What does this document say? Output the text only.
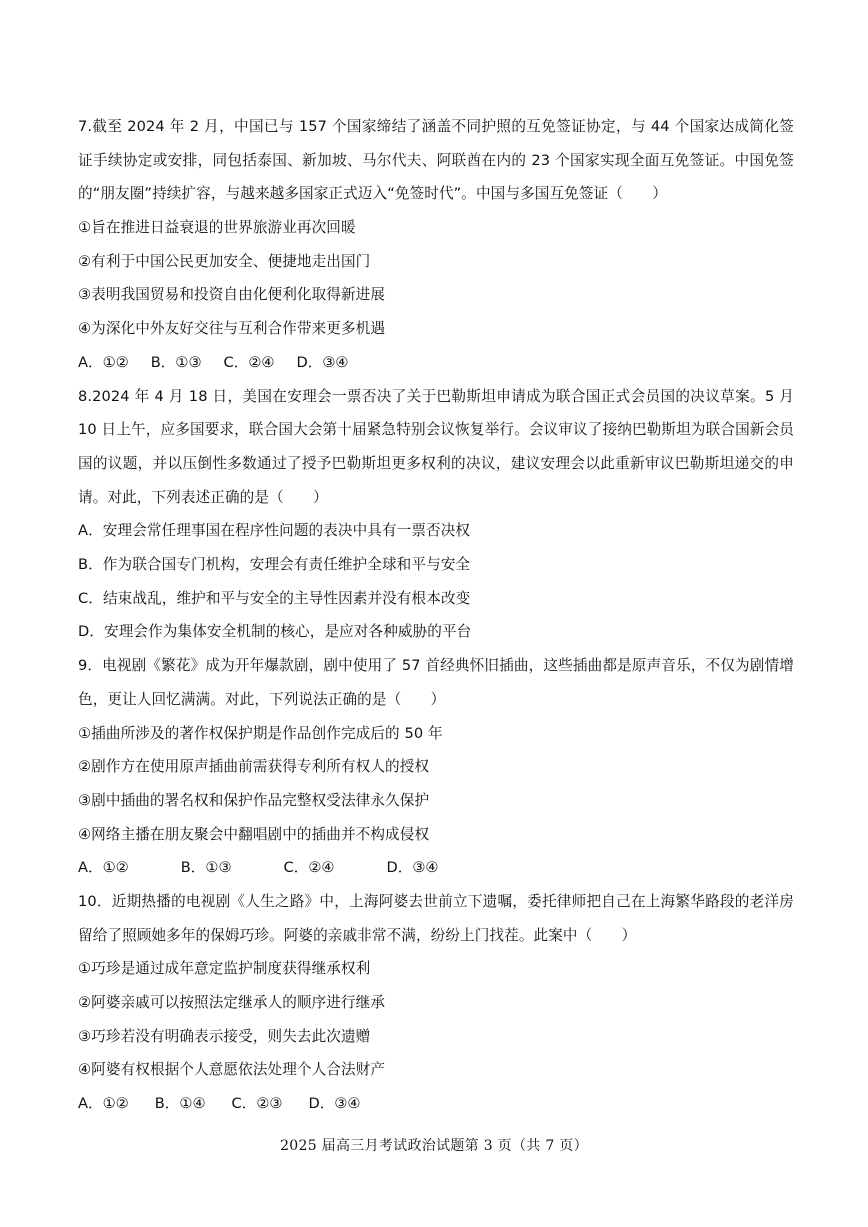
7.截至 2024 年 2 月，中国已与 157 个国家缔结了涵盖不同护照的互免签证协定，与 44 个国家达成简化签证手续协定或安排，同包括泰国、新加坡、马尔代夫、阿联酋在内的 23 个国家实现全面互免签证。中国免签的“朋友圈”持续扩容，与越来越多国家正式迈入“免签时代”。中国与多国互免签证（　　）
①旨在推进日益衰退的世界旅游业再次回暖
②有利于中国公民更加安全、便捷地走出国门
③表明我国贸易和投资自由化便利化取得新进展
④为深化中外友好交往与互利合作带来更多机遇
A．①② B．①③ C．②④ D．③④
8.2024 年 4 月 18 日，美国在安理会一票否决了关于巴勒斯坦申请成为联合国正式会员国的决议草案。5 月 10 日上午，应多国要求，联合国大会第十届紧急特别会议恢复举行。会议审议了接纳巴勒斯坦为联合国新会员国的议题，并以压倒性多数通过了授予巴勒斯坦更多权利的决议，建议安理会以此重新审议巴勒斯坦递交的申请。对此，下列表述正确的是（　　）
A．安理会常任理事国在程序性问题的表决中具有一票否决权
B．作为联合国专门机构，安理会有责任维护全球和平与安全
C．结束战乱，维护和平与安全的主导性因素并没有根本改变
D．安理会作为集体安全机制的核心，是应对各种威胁的平台
9．电视剧《繁花》成为开年爆款剧，剧中使用了 57 首经典怀旧插曲，这些插曲都是原声音乐，不仅为剧情增色，更让人回忆满满。对此，下列说法正确的是（　　）
①插曲所涉及的著作权保护期是作品创作完成后的 50 年
②剧作方在使用原声插曲前需获得专利所有权人的授权
③剧中插曲的署名权和保护作品完整权受法律永久保护
④网络主播在朋友聚会中翻唱剧中的插曲并不构成侵权
A．①②	B．①③	C．②④	D．③④
10．近期热播的电视剧《人生之路》中，上海阿婆去世前立下遗嘱，委托律师把自己在上海繁华路段的老洋房留给了照顾她多年的保姆巧珍。阿婆的亲戚非常不满，纷纷上门找茬。此案中（　　）
①巧珍是通过成年意定监护制度获得继承权利
②阿婆亲戚可以按照法定继承人的顺序进行继承
③巧珍若没有明确表示接受，则失去此次遗赠
④阿婆有权根据个人意愿依法处理个人合法财产
A．①② B．①④ C．②③ D．③④
2025 届高三月考试政治试题第 3 页（共 7 页）
